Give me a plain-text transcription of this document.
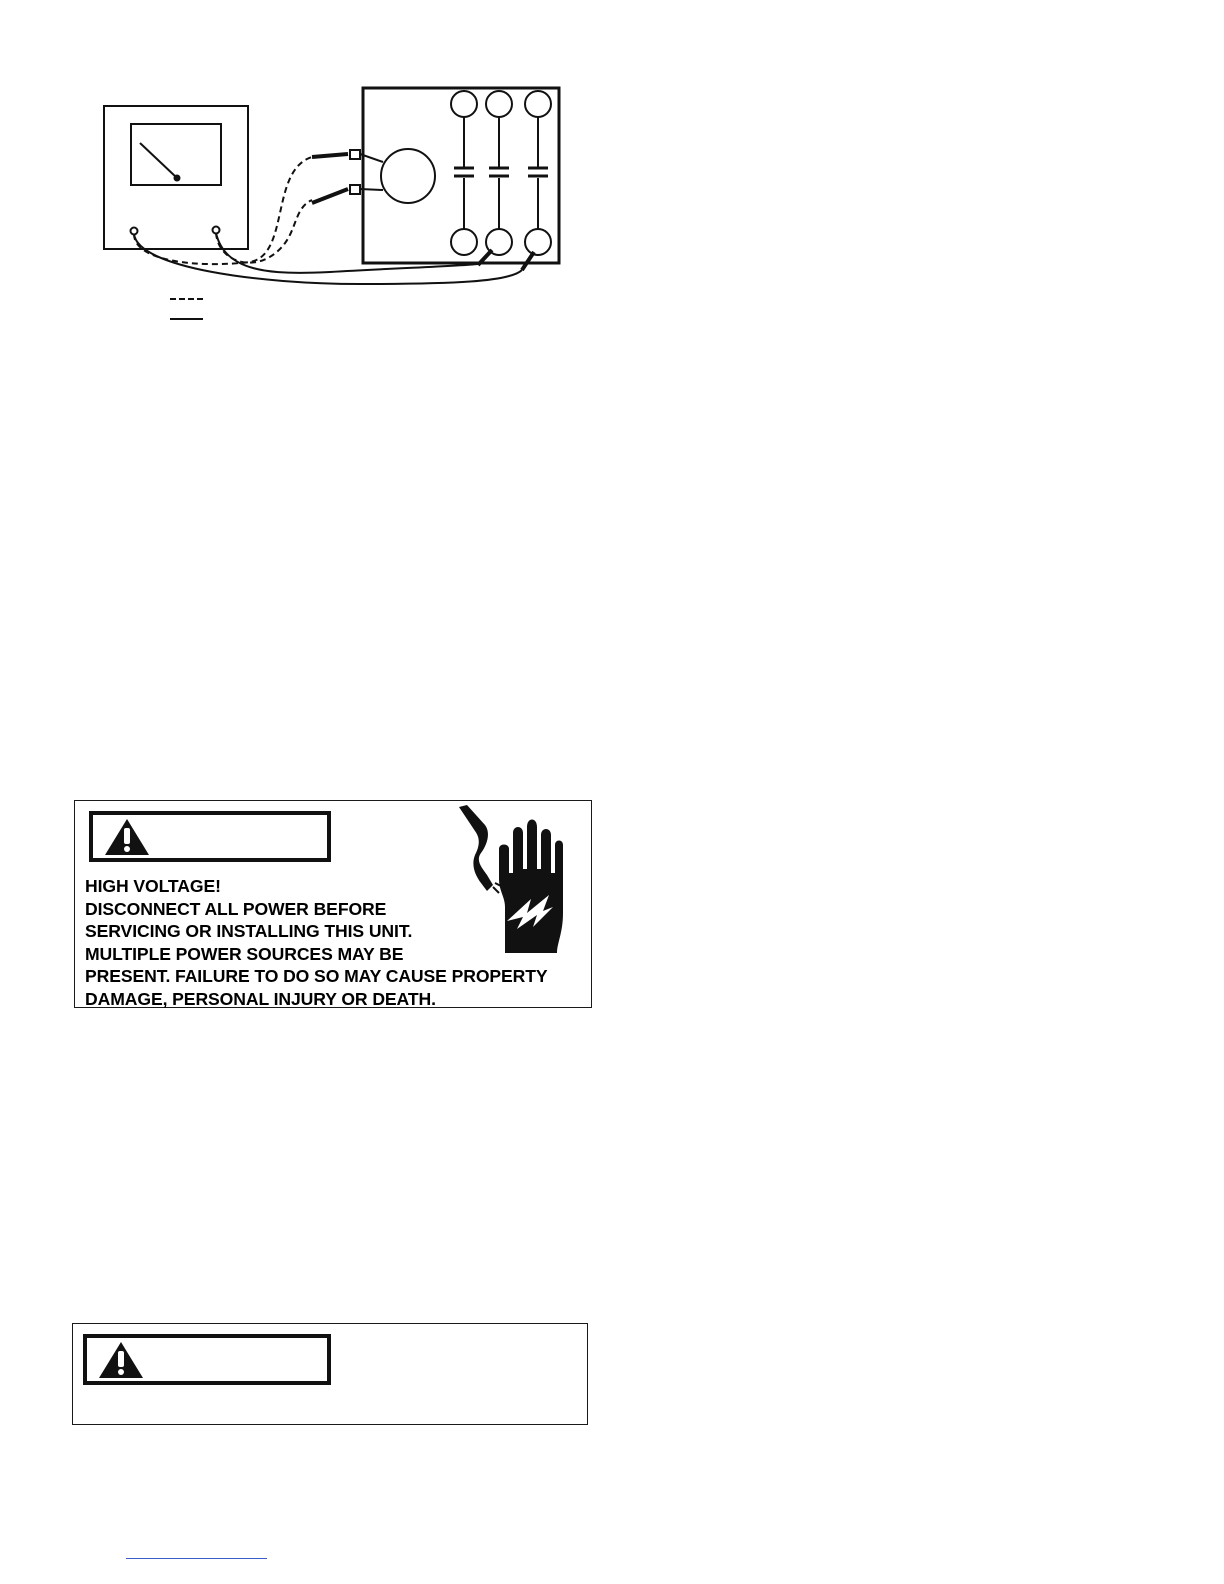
HIGH VOLTAGE!
DISCONNECT ALL POWER BEFORE
SERVICING OR INSTALLING THIS UNIT.
MULTIPLE POWER SOURCES MAY BE
PRESENT. FAILURE TO DO SO MAY CAUSE PROPERTY
DAMAGE, PERSONAL INJURY OR DEATH.
